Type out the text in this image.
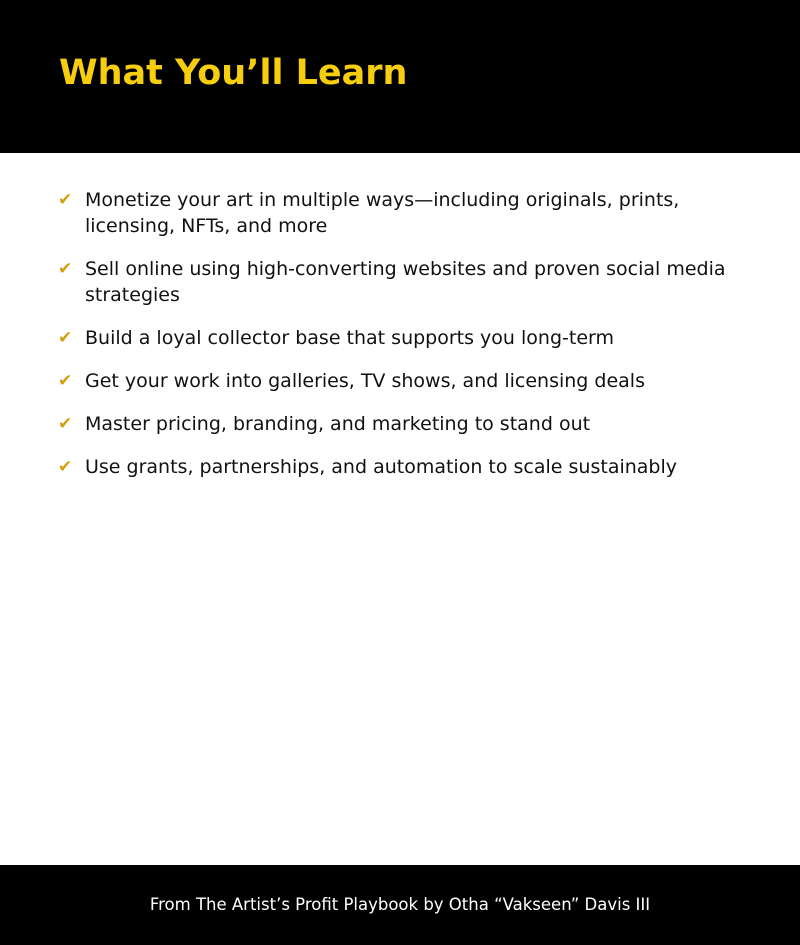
What You’ll Learn
✔ Monetize your art in multiple ways—including originals, prints, licensing, NFTs, and more
✔ Sell online using high-converting websites and proven social media strategies
✔ Build a loyal collector base that supports you long-term
✔ Get your work into galleries, TV shows, and licensing deals
✔ Master pricing, branding, and marketing to stand out
✔ Use grants, partnerships, and automation to scale sustainably
From The Artist’s Profit Playbook by Otha “Vakseen” Davis III
